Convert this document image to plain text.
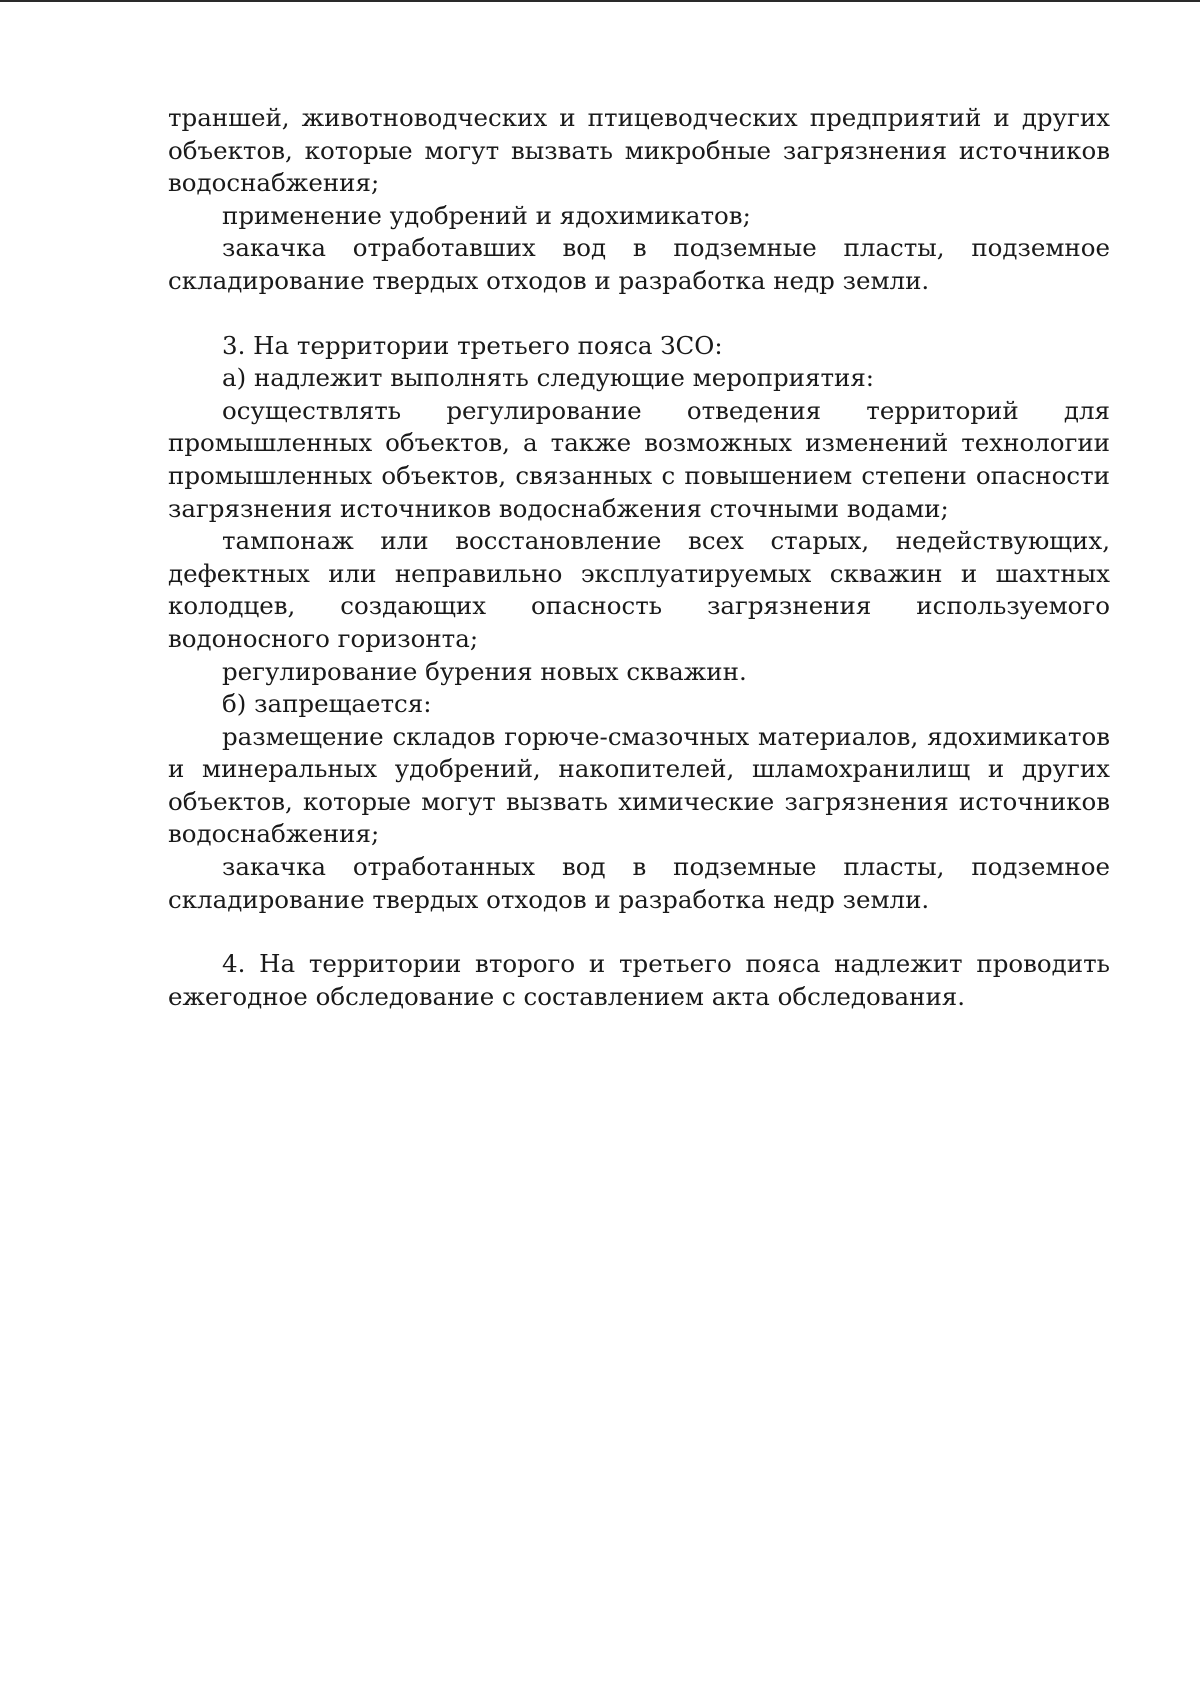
траншей, животноводческих и птицеводческих предприятий и других объектов, которые могут вызвать микробные загрязнения источников водоснабжения;

применение удобрений и ядохимикатов;

закачка отработавших вод в подземные пласты, подземное складирование твердых отходов и разработка недр земли.

3. На территории третьего пояса ЗСО:

а) надлежит выполнять следующие мероприятия:

осуществлять регулирование отведения территорий для промышленных объектов, а также возможных изменений технологии промышленных объектов, связанных с повышением степени опасности загрязнения источников водоснабжения сточными водами;

тампонаж или восстановление всех старых, недействующих, дефектных или неправильно эксплуатируемых скважин и шахтных колодцев, создающих опасность загрязнения используемого водоносного горизонта;

регулирование бурения новых скважин.

б) запрещается:

размещение складов горюче-смазочных материалов, ядохимикатов и минеральных удобрений, накопителей, шламохранилищ и других объектов, которые могут вызвать химические загрязнения источников водоснабжения;

закачка отработанных вод в подземные пласты, подземное складирование твердых отходов и разработка недр земли.

4. На территории второго и третьего пояса надлежит проводить ежегодное обследование с составлением акта обследования.
